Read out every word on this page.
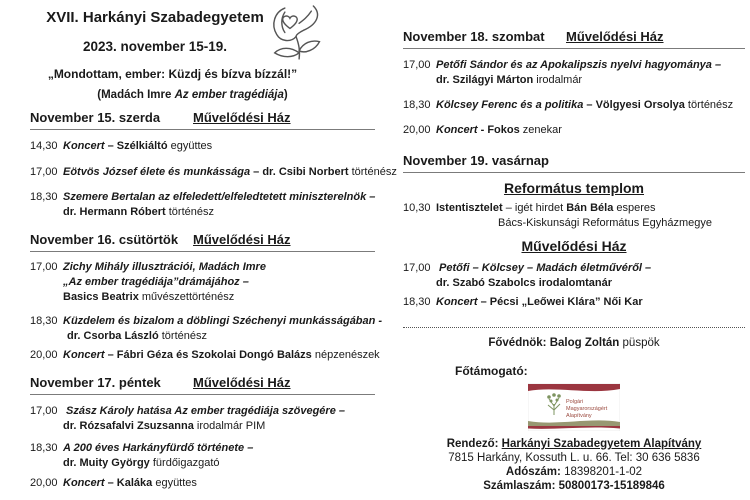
XVII. Harkányi Szabadegyetem
2023. november 15-19.
„Mondottam, ember: Küzdj és bízva bízzál!”
(Madách Imre Az ember tragédiája)
November 15. szerda	Művelődési Ház
14,30 Koncert – Szélkiáltó együttes
17,00 Eötvös József élete és munkássága – dr. Csibi Norbert történész
18,30 Szemere Bertalan az elfeledett/elfeledtetett miniszterelnök –
dr. Hermann Róbert történész
November 16. csütörtök Művelődési Ház
17,00 Zichy Mihály illusztrációi, Madách Imre
„Az ember tragédiája”drámájához –
Basics Beatrix művészettörténész
18,30 Küzdelem és bizalom a döblingi Széchenyi munkásságában -
dr. Csorba László történész
20,00 Koncert – Fábri Géza és Szokolai Dongó Balázs népzenészek
November 17. péntek Művelődési Ház
17,00 Szász Károly hatása Az ember tragédiája szövegére –
dr. Rózsafalvi Zsuzsanna irodalmár PIM
18,30 A 200 éves Harkányfürdő története –
dr. Muity György fürdőigazgató
20,00 Koncert – Kaláka együttes
November 18. szombat Művelődési Ház
17,00 Petőfi Sándor és az Apokalipszis nyelvi hagyománya –
dr. Szilágyi Márton irodalmár
18,30 Kölcsey Ferenc és a politika – Völgyesi Orsolya történész
20,00 Koncert - Fokos zenekar
November 19. vasárnap
Református templom
10,30 Istentisztelet – igét hirdet Bán Béla esperes
Bács-Kiskunsági Református Egyházmegye
Művelődési Ház
17,00 Petőfi – Kölcsey – Madách életművéről –
dr. Szabó Szabolcs irodalomtanár
18,30 Koncert – Pécsi „Leőwei Klára” Női Kar
Fővédnök: Balog Zoltán püspök
Főtámogató:
Polgári
Magyarországért
Alapítvány
Rendező: Harkányi Szabadegyetem Alapítvány
7815 Harkány, Kossuth L. u. 66. Tel: 30 636 5836
Adószám: 18398201-1-02
Számlaszám: 50800173-15189846
